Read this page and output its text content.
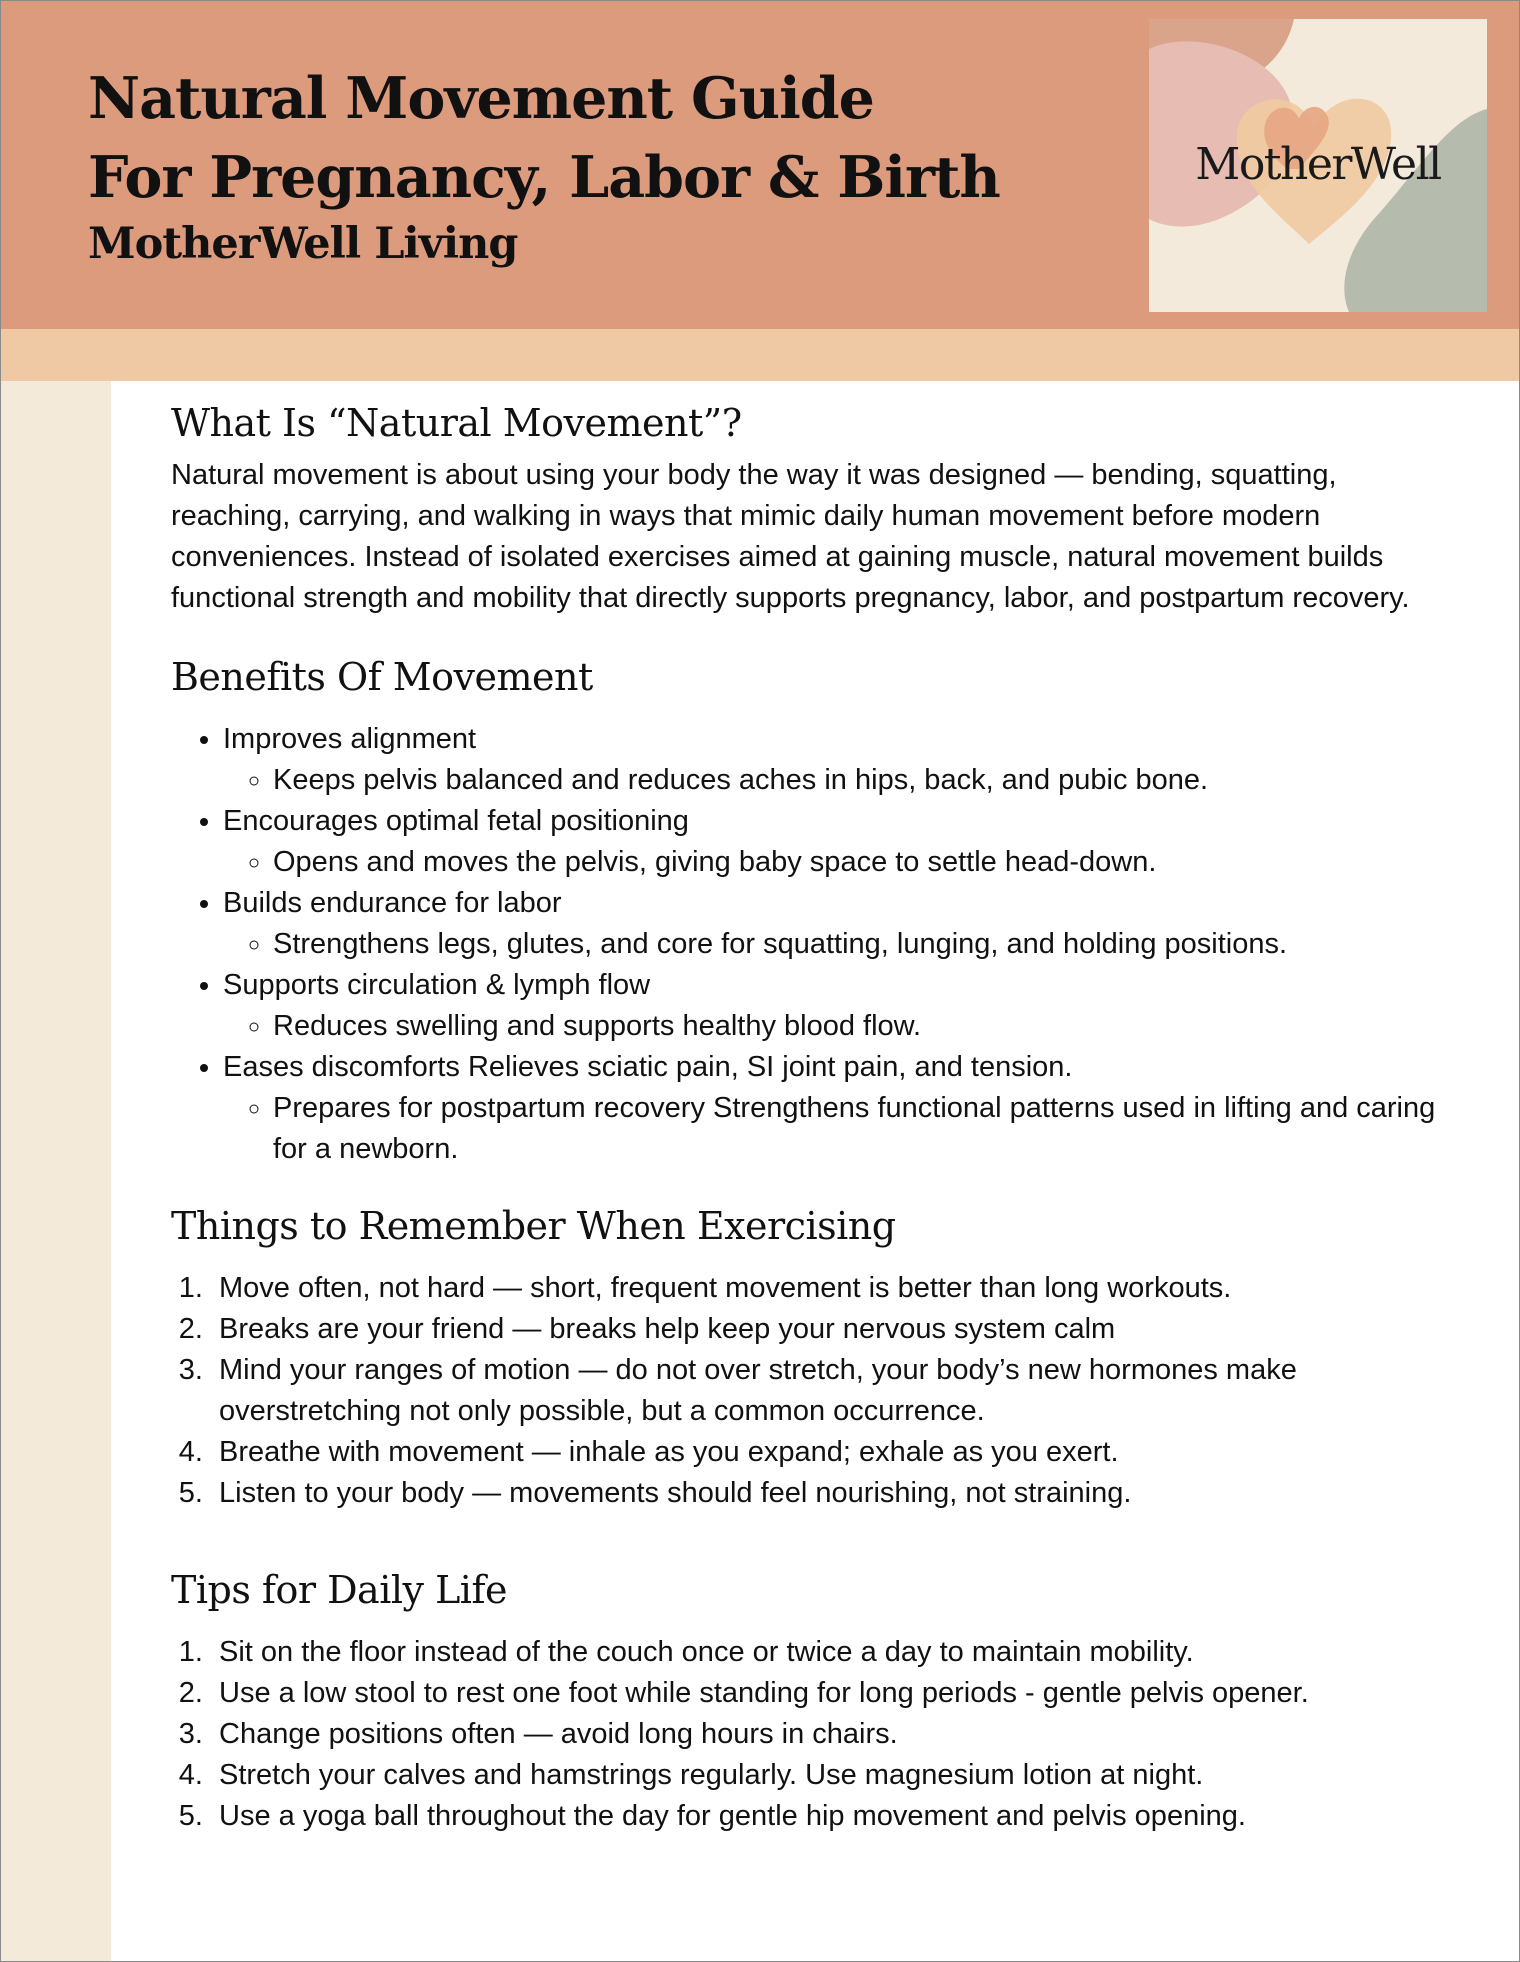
Natural Movement Guide
For Pregnancy, Labor & Birth
MotherWell Living
MotherWell
What Is “Natural Movement”?

Natural movement is about using your body the way it was designed — bending, squatting, reaching, carrying, and walking in ways that mimic daily human movement before modern conveniences. Instead of isolated exercises aimed at gaining muscle, natural movement builds functional strength and mobility that directly supports pregnancy, labor, and postpartum recovery.

Benefits Of Movement
• Improves alignment
◦ Keeps pelvis balanced and reduces aches in hips, back, and pubic bone.
• Encourages optimal fetal positioning
◦ Opens and moves the pelvis, giving baby space to settle head-down.
• Builds endurance for labor
◦ Strengthens legs, glutes, and core for squatting, lunging, and holding positions.
• Supports circulation & lymph flow
◦ Reduces swelling and supports healthy blood flow.
• Eases discomforts Relieves sciatic pain, SI joint pain, and tension.
◦ Prepares for postpartum recovery Strengthens functional patterns used in lifting and caring for a newborn.
Things to Remember When Exercising
1. Move often, not hard — short, frequent movement is better than long workouts.
2. Breaks are your friend — breaks help keep your nervous system calm
3. Mind your ranges of motion — do not over stretch, your body’s new hormones make overstretching not only possible, but a common occurrence.
4. Breathe with movement — inhale as you expand; exhale as you exert.
5. Listen to your body — movements should feel nourishing, not straining.
Tips for Daily Life
1. Sit on the floor instead of the couch once or twice a day to maintain mobility.
2. Use a low stool to rest one foot while standing for long periods - gentle pelvis opener.
3. Change positions often — avoid long hours in chairs.
4. Stretch your calves and hamstrings regularly. Use magnesium lotion at night.
5. Use a yoga ball throughout the day for gentle hip movement and pelvis opening.
